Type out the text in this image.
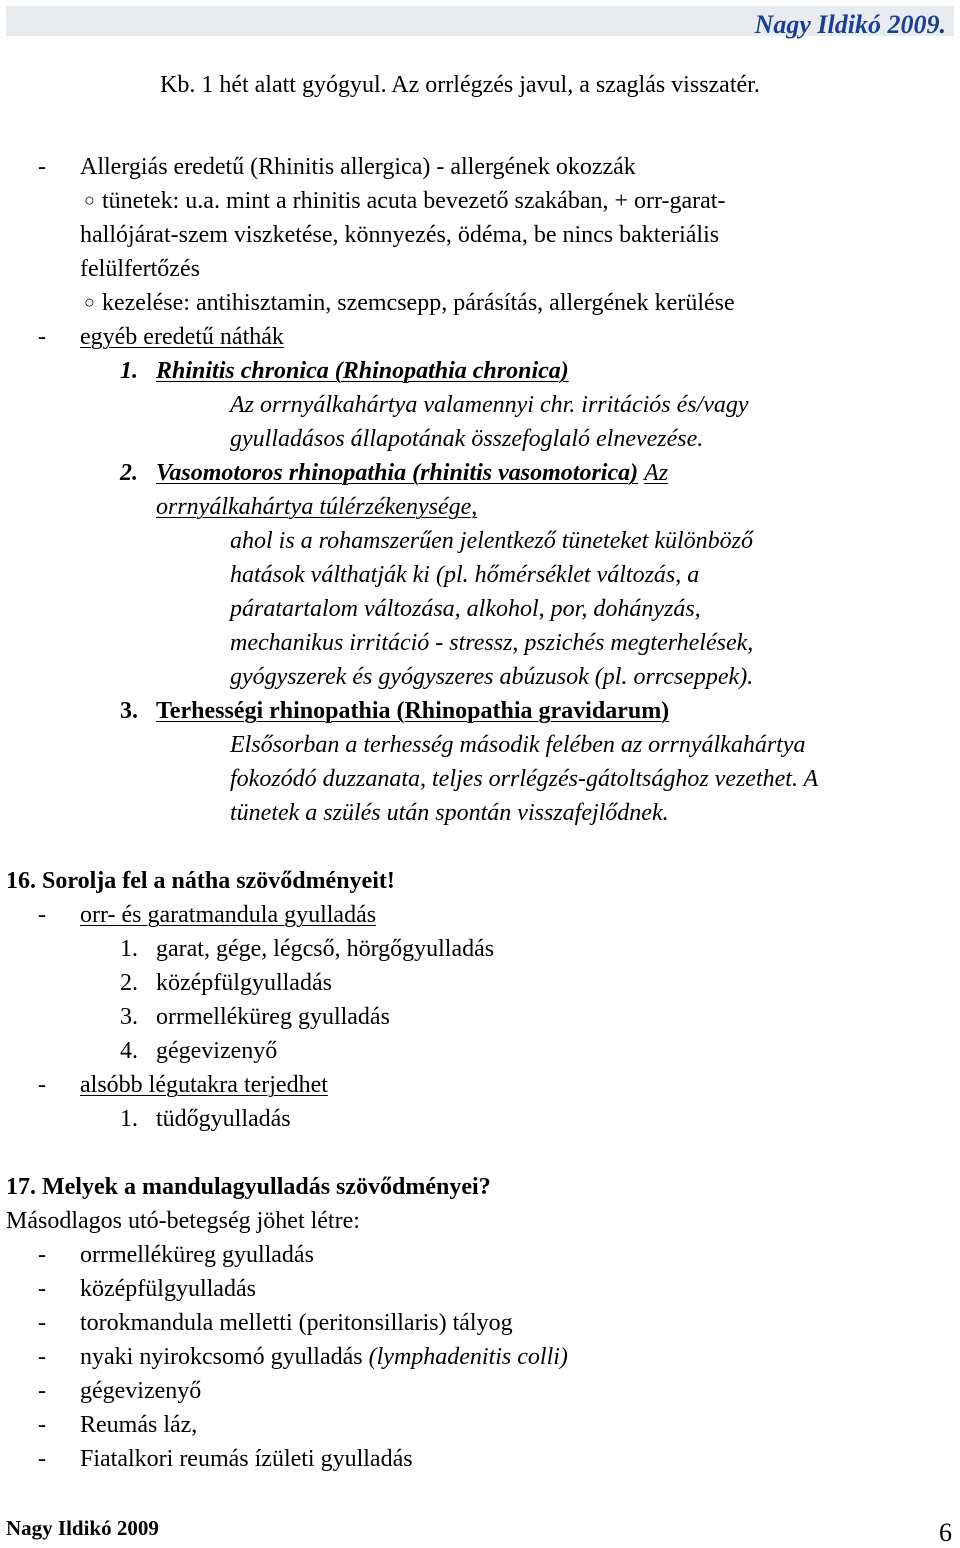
Nagy Ildikó 2009.
Kb. 1 hét alatt gyógyul. Az orrlégzés javul, a szaglás visszatér.
- Allergiás eredetű (Rhinitis allergica) - allergének okozzák
○ tünetek: u.a. mint a rhinitis acuta bevezető szakában, + orr-garat-
hallójárat-szem viszketése, könnyezés, ödéma, be nincs bakteriális
felülfertőzés
○ kezelése: antihisztamin, szemcsepp, párásítás, allergének kerülése
- egyéb eredetű náthák
1. Rhinitis chronica (Rhinopathia chronica)
Az orrnyálkahártya valamennyi chr. irritációs és/vagy
gyulladásos állapotának összefoglaló elnevezése.
2. Vasomotoros rhinopathia (rhinitis vasomotorica) Az
orrnyálkahártya túlérzékenysége,
ahol is a rohamszerűen jelentkező tüneteket különböző
hatások válthatják ki (pl. hőmérséklet változás, a
páratartalom változása, alkohol, por, dohányzás,
mechanikus irritáció - stressz, pszichés megterhelések,
gyógyszerek és gyógyszeres abúzusok (pl. orrcseppek).
3. Terhességi rhinopathia (Rhinopathia gravidarum)
Elsősorban a terhesség második felében az orrnyálkahártya
fokozódó duzzanata, teljes orrlégzés-gátoltsághoz vezethet. A
tünetek a szülés után spontán visszafejlődnek.
16. Sorolja fel a nátha szövődményeit!
- orr- és garatmandula gyulladás
1. garat, gége, légcső, hörgőgyulladás
2. középfülgyulladás
3. orrmelléküreg gyulladás
4. gégevizenyő
- alsóbb légutakra terjedhet
1. tüdőgyulladás
17. Melyek a mandulagyulladás szövődményei?
Másodlagos utó-betegség jöhet létre:
- orrmelléküreg gyulladás
- középfülgyulladás
- torokmandula melletti (peritonsillaris) tályog
- nyaki nyirokcsomó gyulladás (lymphadenitis colli)
- gégevizenyő
- Reumás láz,
- Fiatalkori reumás ízületi gyulladás
Nagy Ildikó 2009	6
